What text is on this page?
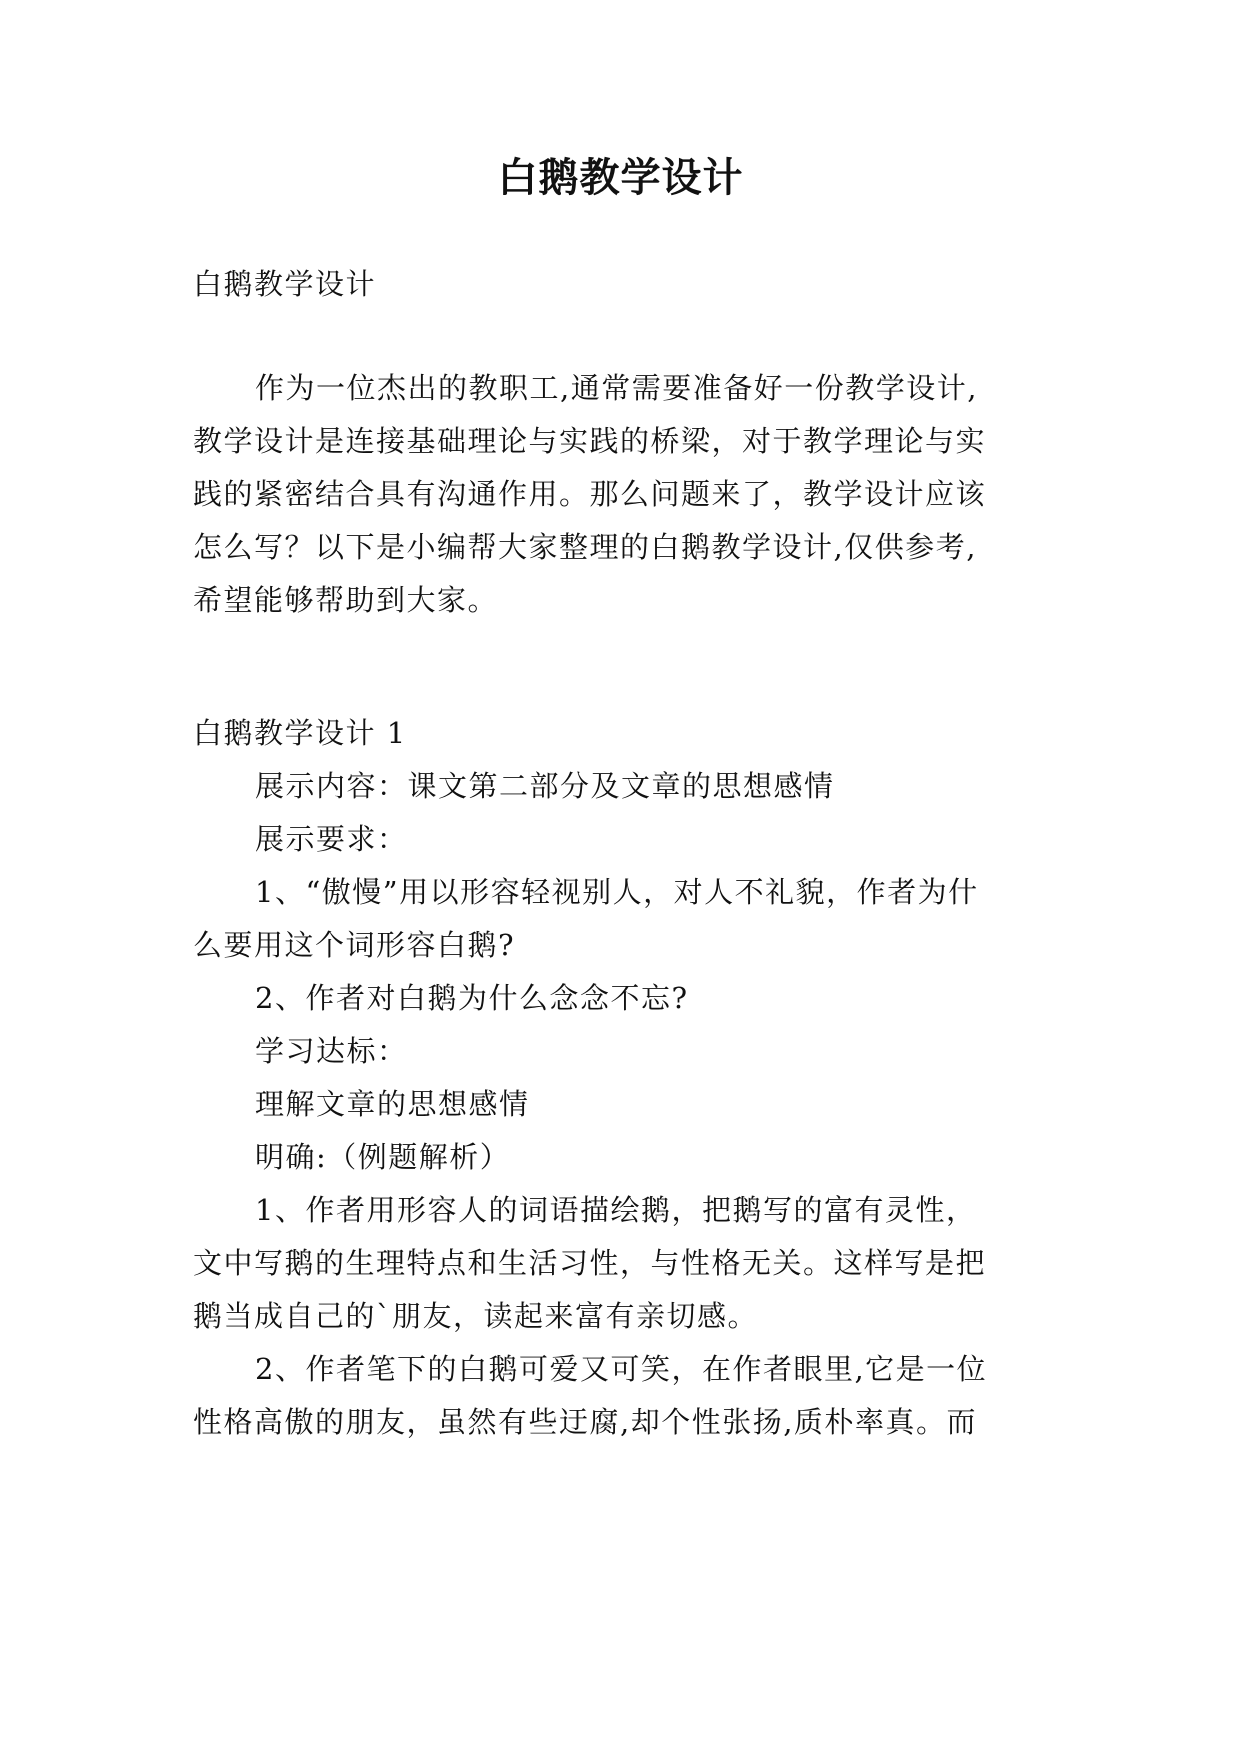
白鹅教学设计

白鹅教学设计

作为一位杰出的教职工,通常需要准备好一份教学设计,

教学设计是连接基础理论与实践的桥梁，对于教学理论与实

践的紧密结合具有沟通作用。那么问题来了，教学设计应该

怎么写？以下是小编帮大家整理的白鹅教学设计,仅供参考,

希望能够帮助到大家。

白鹅教学设计 1

展示内容：课文第二部分及文章的思想感情

展示要求：

1、“傲慢”用以形容轻视别人，对人不礼貌，作者为什

么要用这个词形容白鹅?

2、作者对白鹅为什么念念不忘?

学习达标：

理解文章的思想感情

明确:（例题解析）

1、作者用形容人的词语描绘鹅，把鹅写的富有灵性，

文中写鹅的生理特点和生活习性，与性格无关。这样写是把

鹅当成自己的`朋友，读起来富有亲切感。

2、作者笔下的白鹅可爱又可笑，在作者眼里,它是一位

性格高傲的朋友，虽然有些迂腐,却个性张扬,质朴率真。而
